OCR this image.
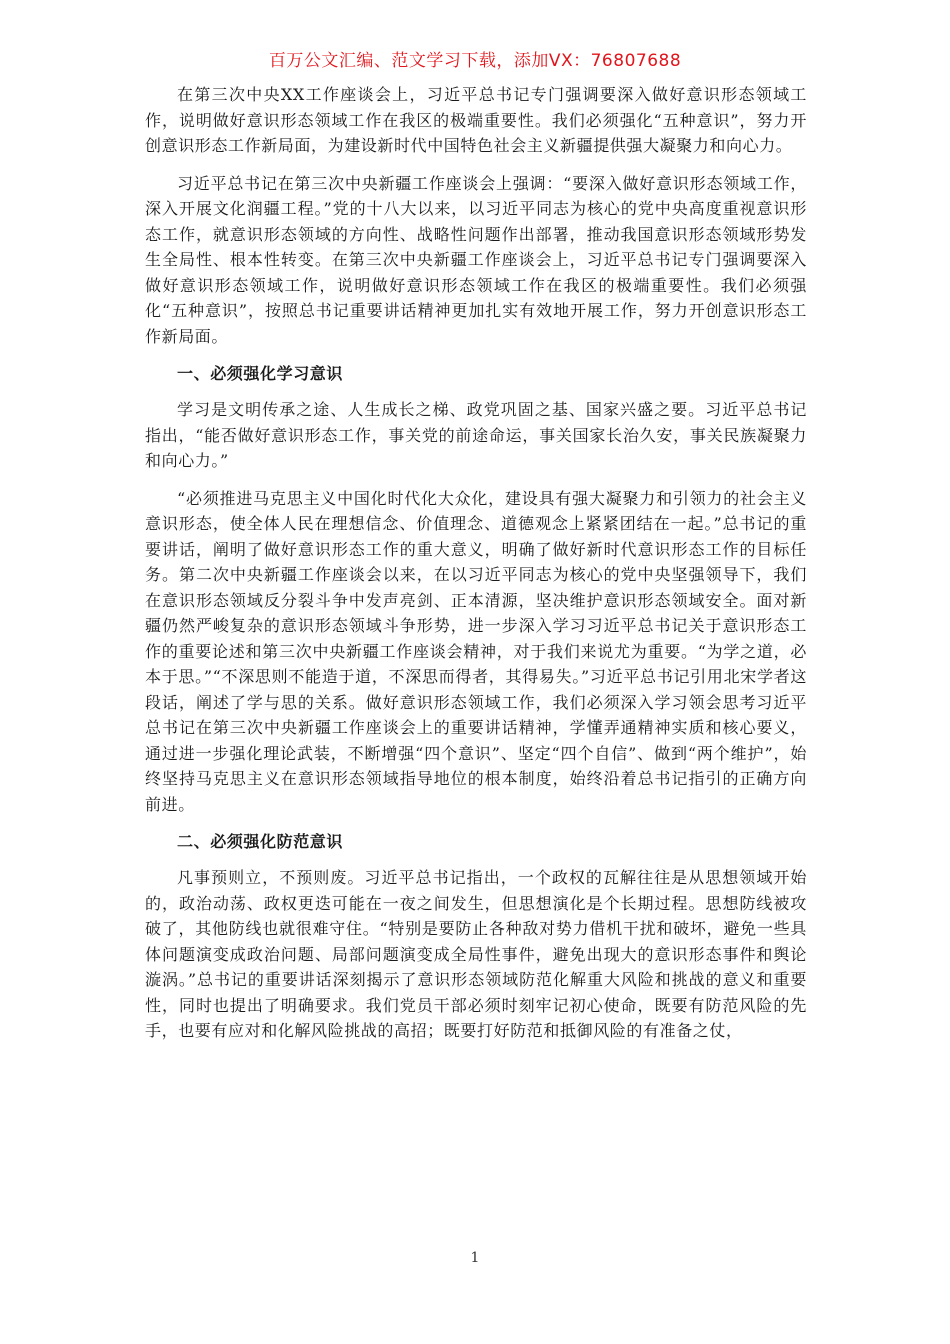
百万公文汇编、范文学习下载，添加VX：76807688

在第三次中央XX工作座谈会上，习近平总书记专门强调要深入做好意识形态领域工作，说明做好意识形态领域工作在我区的极端重要性。我们必须强化“五种意识”，努力开创意识形态工作新局面，为建设新时代中国特色社会主义新疆提供强大凝聚力和向心力。

习近平总书记在第三次中央新疆工作座谈会上强调：“要深入做好意识形态领域工作，深入开展文化润疆工程。”党的十八大以来，以习近平同志为核心的党中央高度重视意识形态工作，就意识形态领域的方向性、战略性问题作出部署，推动我国意识形态领域形势发生全局性、根本性转变。在第三次中央新疆工作座谈会上，习近平总书记专门强调要深入做好意识形态领域工作，说明做好意识形态领域工作在我区的极端重要性。我们必须强化“五种意识”，按照总书记重要讲话精神更加扎实有效地开展工作，努力开创意识形态工作新局面。

一、必须强化学习意识

学习是文明传承之途、人生成长之梯、政党巩固之基、国家兴盛之要。习近平总书记指出，“能否做好意识形态工作，事关党的前途命运，事关国家长治久安，事关民族凝聚力和向心力。”

“必须推进马克思主义中国化时代化大众化，建设具有强大凝聚力和引领力的社会主义意识形态，使全体人民在理想信念、价值理念、道德观念上紧紧团结在一起。”总书记的重要讲话，阐明了做好意识形态工作的重大意义，明确了做好新时代意识形态工作的目标任务。第二次中央新疆工作座谈会以来，在以习近平同志为核心的党中央坚强领导下，我们在意识形态领域反分裂斗争中发声亮剑、正本清源，坚决维护意识形态领域安全。面对新疆仍然严峻复杂的意识形态领域斗争形势，进一步深入学习习近平总书记关于意识形态工作的重要论述和第三次中央新疆工作座谈会精神，对于我们来说尤为重要。“为学之道，必本于思。”“不深思则不能造于道，不深思而得者，其得易失。”习近平总书记引用北宋学者这段话，阐述了学与思的关系。做好意识形态领域工作，我们必须深入学习领会思考习近平总书记在第三次中央新疆工作座谈会上的重要讲话精神，学懂弄通精神实质和核心要义，通过进一步强化理论武装，不断增强“四个意识”、坚定“四个自信”、做到“两个维护”，始终坚持马克思主义在意识形态领域指导地位的根本制度，始终沿着总书记指引的正确方向前进。

二、必须强化防范意识

凡事预则立，不预则废。习近平总书记指出，一个政权的瓦解往往是从思想领域开始的，政治动荡、政权更迭可能在一夜之间发生，但思想演化是个长期过程。思想防线被攻破了，其他防线也就很难守住。“特别是要防止各种敌对势力借机干扰和破坏，避免一些具体问题演变成政治问题、局部问题演变成全局性事件，避免出现大的意识形态事件和舆论漩涡。”总书记的重要讲话深刻揭示了意识形态领域防范化解重大风险和挑战的意义和重要性，同时也提出了明确要求。我们党员干部必须时刻牢记初心使命，既要有防范风险的先手，也要有应对和化解风险挑战的高招；既要打好防范和抵御风险的有准备之仗，

1
